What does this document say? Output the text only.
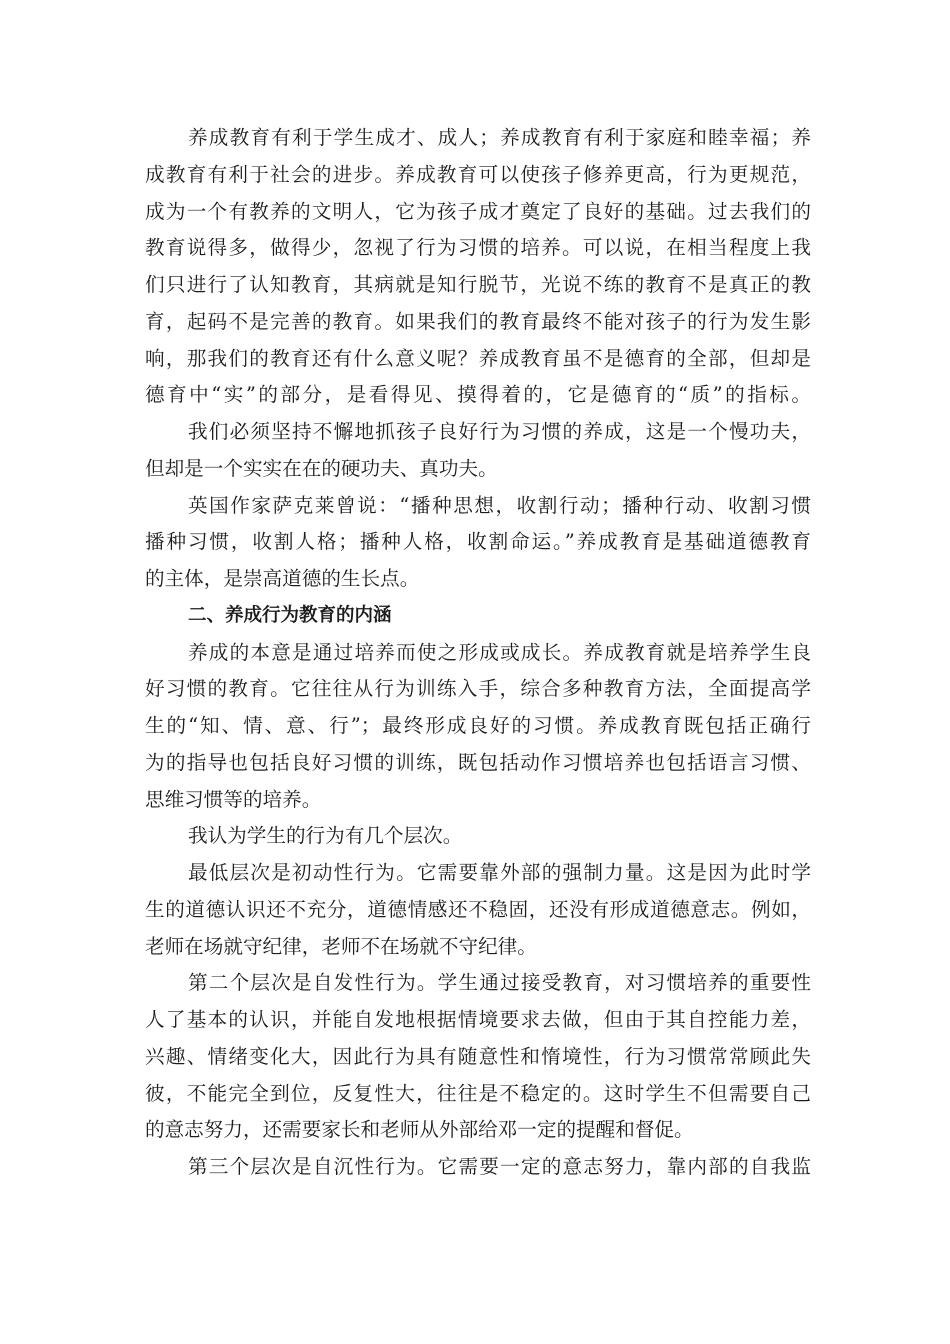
养成教育有利于学生成才、成人；养成教育有利于家庭和睦幸福；养
成教育有利于社会的进步。养成教育可以使孩子修养更高，行为更规范，
成为一个有教养的文明人，它为孩子成才奠定了良好的基础。过去我们的
教育说得多，做得少，忽视了行为习惯的培养。可以说，在相当程度上我
们只进行了认知教育，其病就是知行脱节，光说不练的教育不是真正的教
育，起码不是完善的教育。如果我们的教育最终不能对孩子的行为发生影
响，那我们的教育还有什么意义呢？养成教育虽不是德育的全部，但却是
德育中“实”的部分，是看得见、摸得着的，它是德育的“质”的指标。
我们必须坚持不懈地抓孩子良好行为习惯的养成，这是一个慢功夫，
但却是一个实实在在的硬功夫、真功夫。
英国作家萨克莱曾说：“播种思想，收割行动；播种行动、收割习惯
播种习惯，收割人格；播种人格，收割命运。”养成教育是基础道德教育
的主体，是崇高道德的生长点。
二、养成行为教育的内涵
养成的本意是通过培养而使之形成或成长。养成教育就是培养学生良
好习惯的教育。它往往从行为训练入手，综合多种教育方法，全面提高学
生的“知、情、意、行”；最终形成良好的习惯。养成教育既包括正确行
为的指导也包括良好习惯的训练，既包括动作习惯培养也包括语言习惯、
思维习惯等的培养。
我认为学生的行为有几个层次。
最低层次是初动性行为。它需要靠外部的强制力量。这是因为此时学
生的道德认识还不充分，道德情感还不稳固，还没有形成道德意志。例如，
老师在场就守纪律，老师不在场就不守纪律。
第二个层次是自发性行为。学生通过接受教育，对习惯培养的重要性
人了基本的认识，并能自发地根据情境要求去做，但由于其自控能力差，
兴趣、情绪变化大，因此行为具有随意性和惰境性，行为习惯常常顾此失
彼，不能完全到位，反复性大，往往是不稳定的。这时学生不但需要自己
的意志努力，还需要家长和老师从外部给邓一定的提醒和督促。
第三个层次是自沉性行为。它需要一定的意志努力，靠内部的自我监
